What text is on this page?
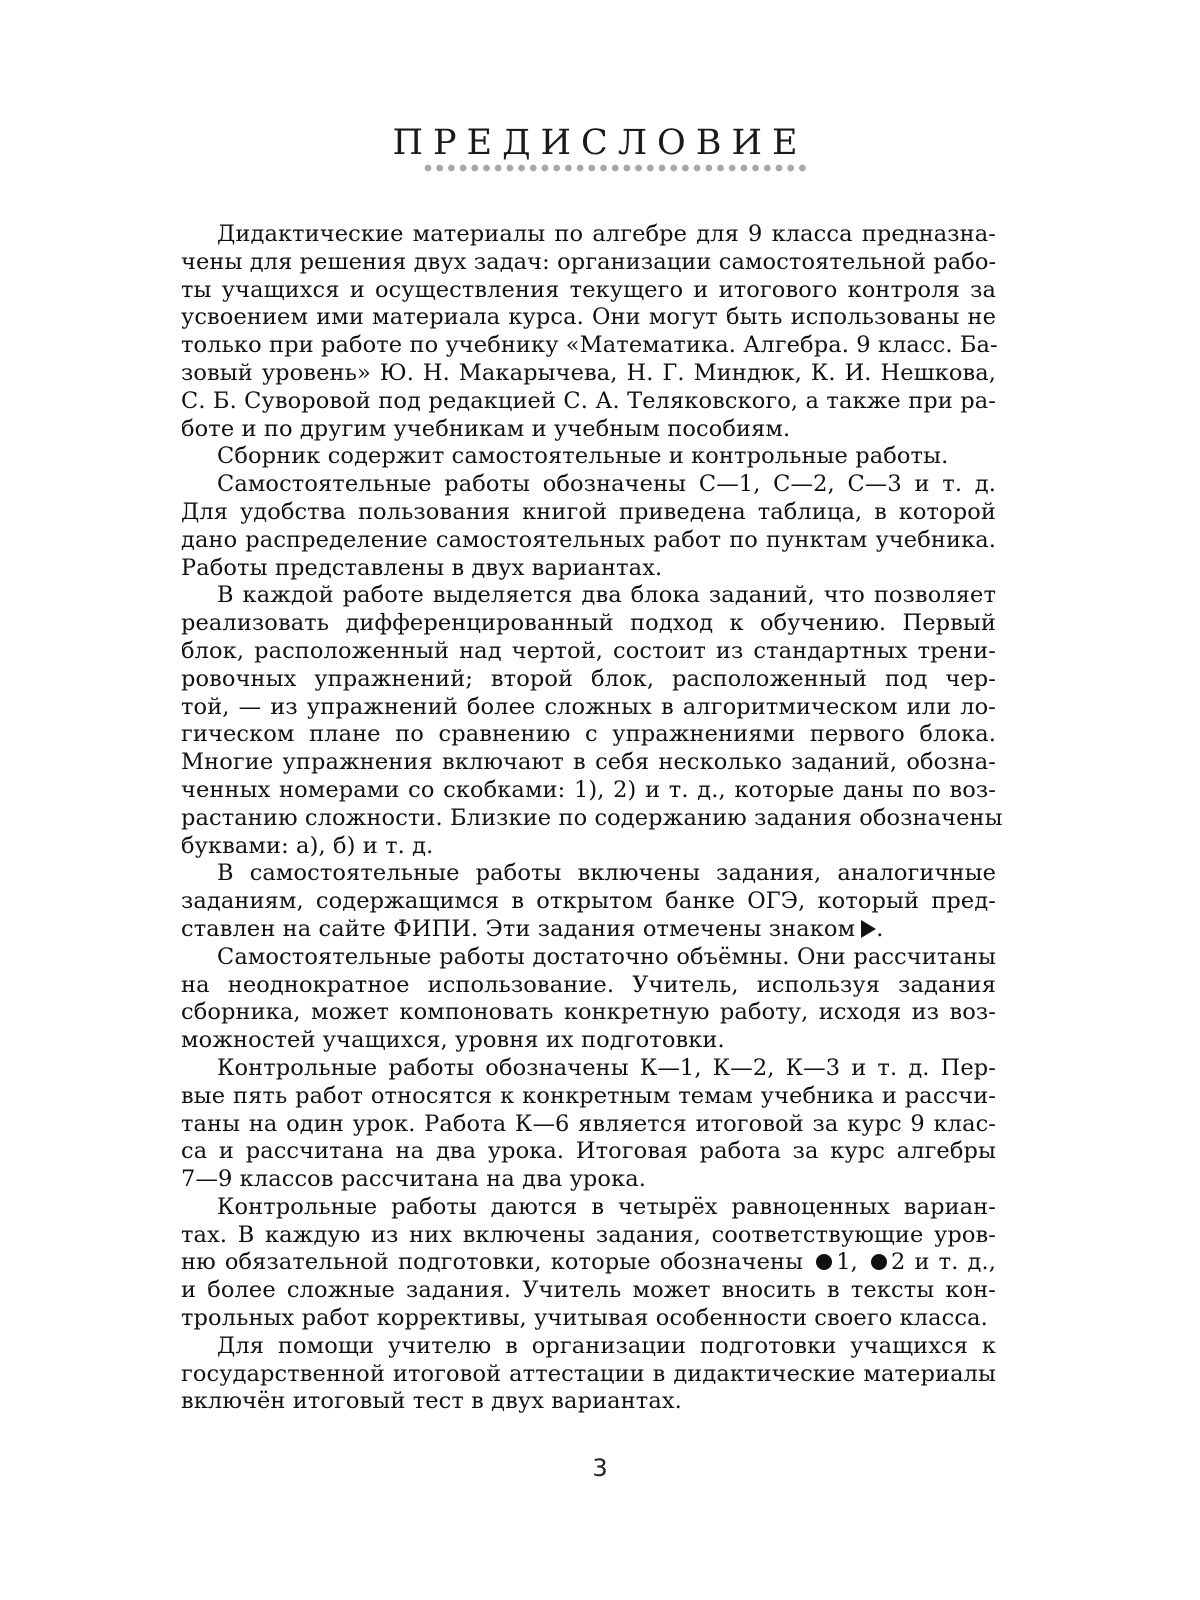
ПРЕДИСЛОВИЕ

Дидактические материалы по алгебре для 9 класса предназна-
чены для решения двух задач: организации самостоятельной рабо-
ты учащихся и осуществления текущего и итогового контроля за
усвоением ими материала курса. Они могут быть использованы не
только при работе по учебнику «Математика. Алгебра. 9 класс. Ба-
зовый уровень» Ю. Н. Макарычева, Н. Г. Миндюк, К. И. Нешкова,
С. Б. Суворовой под редакцией С. А. Теляковского, а также при ра-
боте и по другим учебникам и учебным пособиям.

Сборник содержит самостоятельные и контрольные работы.

Самостоятельные работы обозначены С—1, С—2, С—3 и т. д.
Для удобства пользования книгой приведена таблица, в которой
дано распределение самостоятельных работ по пунктам учебника.
Работы представлены в двух вариантах.

В каждой работе выделяется два блока заданий, что позволяет
реализовать дифференцированный подход к обучению. Первый
блок, расположенный над чертой, состоит из стандартных трени-
ровочных упражнений; второй блок, расположенный под чер-
той, — из упражнений более сложных в алгоритмическом или ло-
гическом плане по сравнению с упражнениями первого блока.
Многие упражнения включают в себя несколько заданий, обозна-
ченных номерами со скобками: 1), 2) и т. д., которые даны по воз-
растанию сложности. Близкие по содержанию задания обозначены
буквами: а), б) и т. д.

В самостоятельные работы включены задания, аналогичные
заданиям, содержащимся в открытом банке ОГЭ, который пред-
ставлен на сайте ФИПИ. Эти задания отмечены знаком .

Самостоятельные работы достаточно объёмны. Они рассчитаны
на неоднократное использование. Учитель, используя задания
сборника, может компоновать конкретную работу, исходя из воз-
можностей учащихся, уровня их подготовки.

Контрольные работы обозначены К—1, К—2, К—3 и т. д. Пер-
вые пять работ относятся к конкретным темам учебника и рассчи-
таны на один урок. Работа К—6 является итоговой за курс 9 клас-
са и рассчитана на два урока. Итоговая работа за курс алгебры
7—9 классов рассчитана на два урока.

Контрольные работы даются в четырёх равноценных вариан-
тах. В каждую из них включены задания, соответствующие уров-
ню обязательной подготовки, которые обозначены 1, 2 и т. д.,
и более сложные задания. Учитель может вносить в тексты кон-
трольных работ коррективы, учитывая особенности своего класса.

Для помощи учителю в организации подготовки учащихся к
государственной итоговой аттестации в дидактические материалы
включён итоговый тест в двух вариантах.

3
